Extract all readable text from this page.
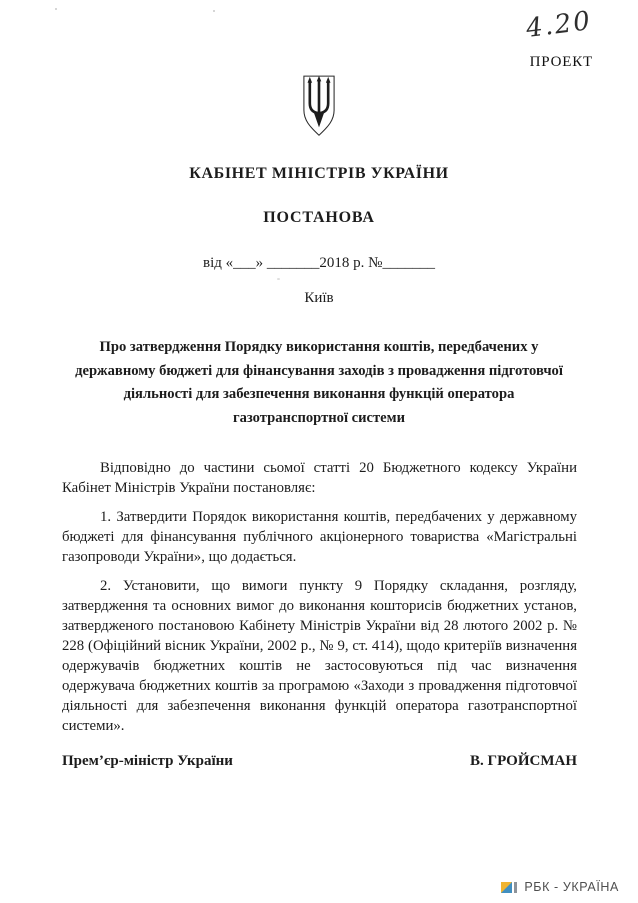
4.20
ПРОЕКТ
КАБІНЕТ МІНІСТРІВ УКРАЇНИ
ПОСТАНОВА
від «___» _______2018 р. №_______
Київ
Про затвердження Порядку використання коштів, передбачених у
державному бюджеті для фінансування заходів з провадження підготовчої
діяльності для забезпечення виконання функцій оператора
газотранспортної системи

Відповідно до частини сьомої статті 20 Бюджетного кодексу України Кабінет Міністрів України постановляє:

1. Затвердити Порядок використання коштів, передбачених у державному бюджеті для фінансування публічного акціонерного товариства «Магістральні газопроводи України», що додається.

2. Установити, що вимоги пункту 9 Порядку складання, розгляду, затвердження та основних вимог до виконання кошторисів бюджетних установ, затвердженого постановою Кабінету Міністрів України від 28 лютого 2002 р. № 228 (Офіційний вісник України, 2002 р., № 9, ст. 414), щодо критеріїв визначення одержувачів бюджетних коштів не застосовуються під час визначення одержувача бюджетних коштів за програмою «Заходи з провадження підготовчої діяльності для забезпечення виконання функцій оператора газотранспортної системи».

Прем’єр-міністр України	В. ГРОЙСМАН
РБК - УКРАЇНА
